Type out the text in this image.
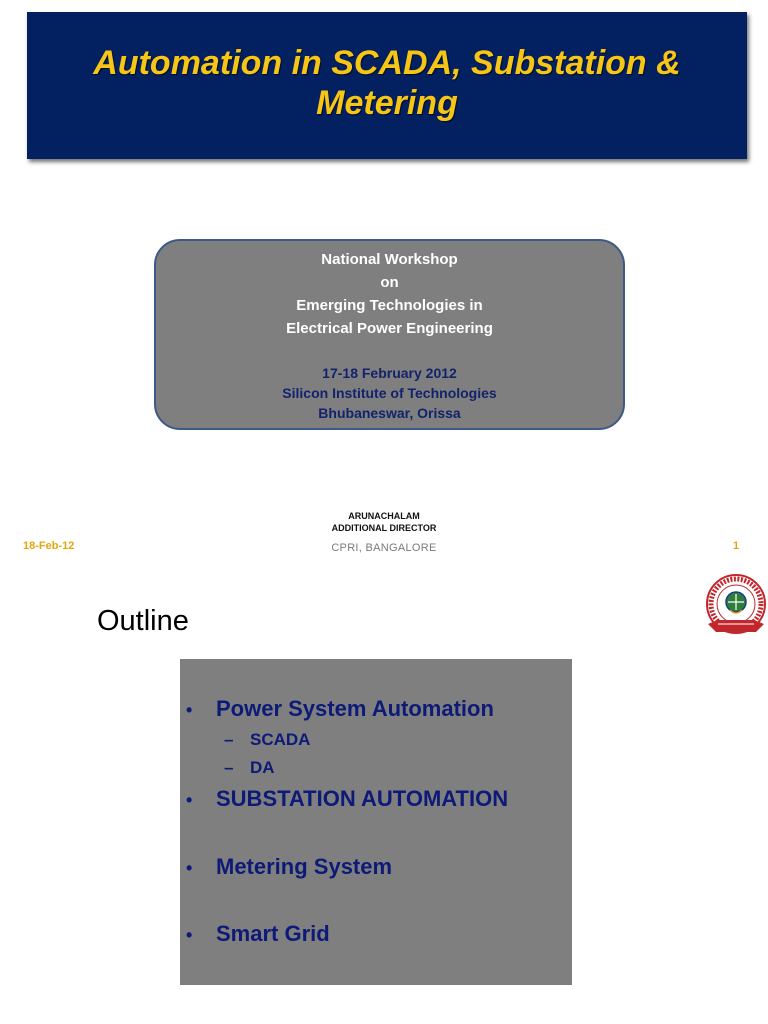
Automation in SCADA, Substation & Metering
National Workshop
on
Emerging Technologies in
Electrical Power Engineering
17-18 February 2012
Silicon Institute of Technologies
Bhubaneswar, Orissa
ARUNACHALAM
ADDITIONAL DIRECTOR
18-Feb-12	CPRI, BANGALORE	1
Outline
• Power System Automation
– SCADA
– DA
• SUBSTATION AUTOMATION
• Metering System
• Smart Grid
